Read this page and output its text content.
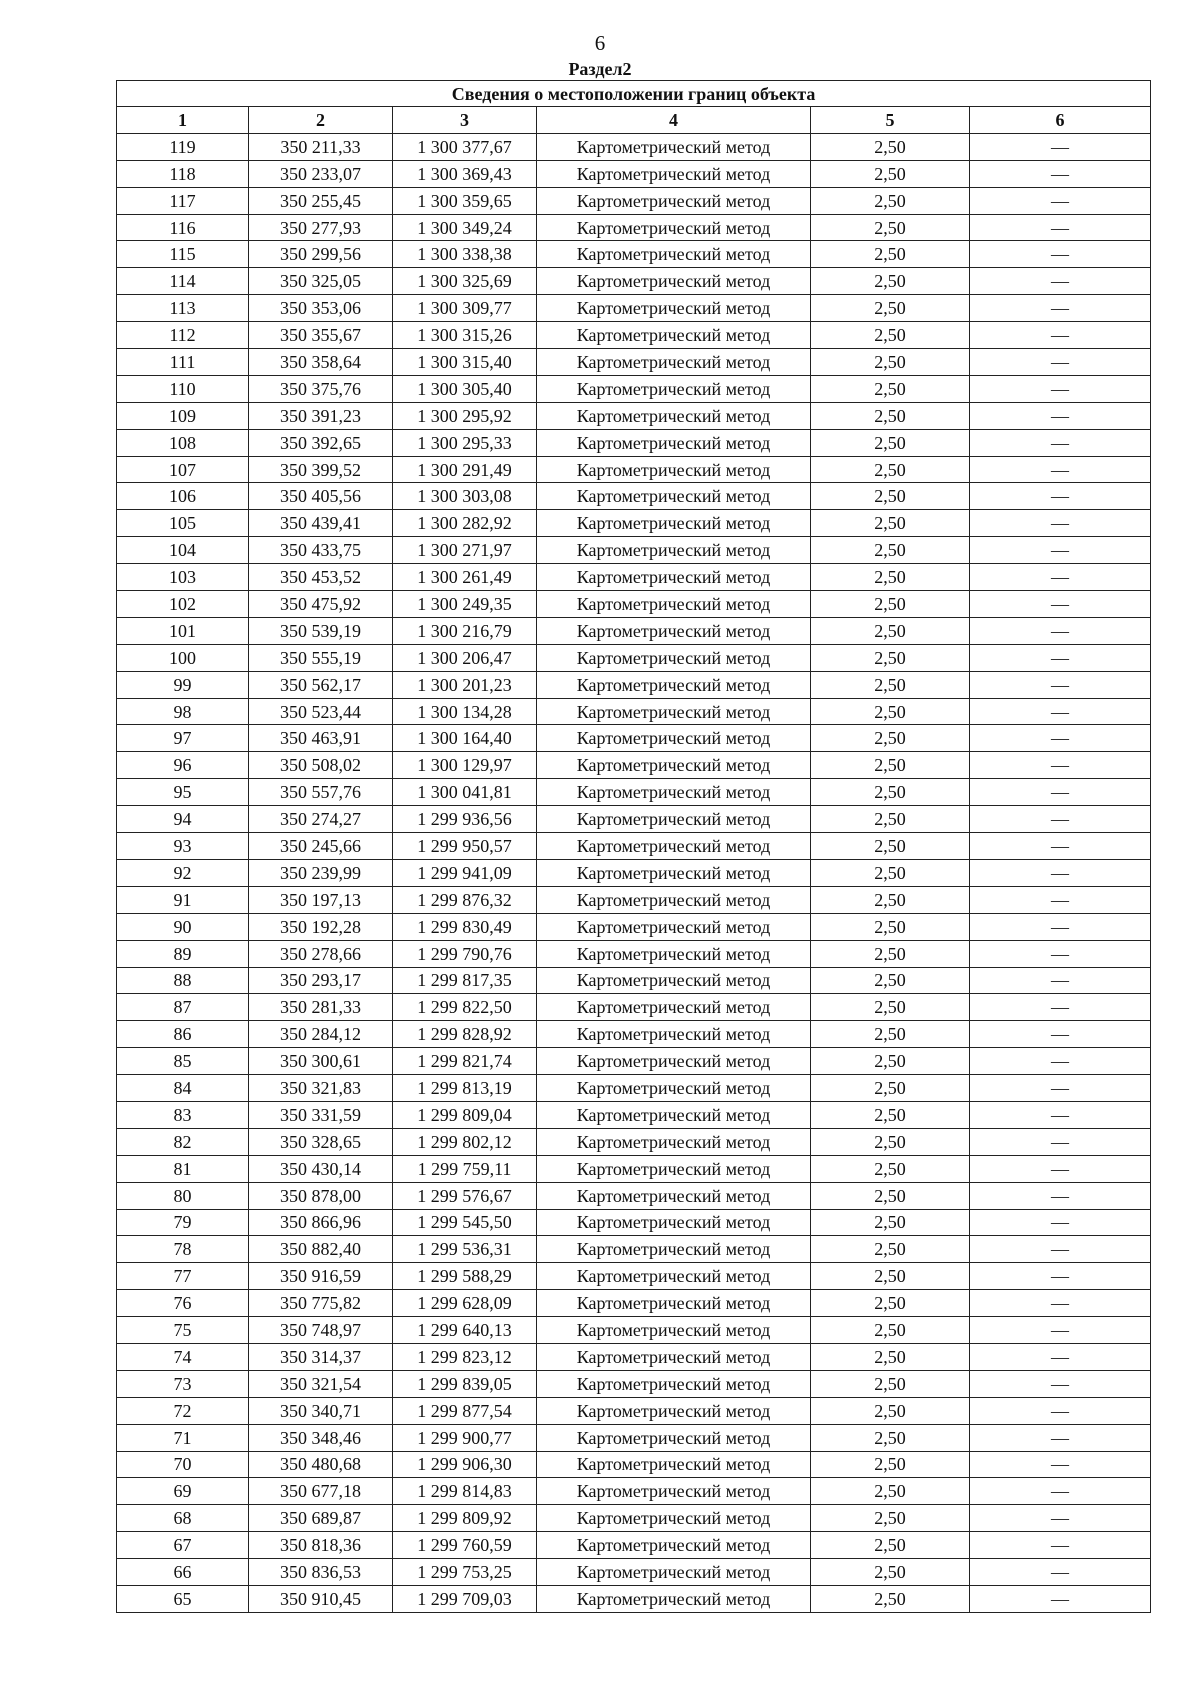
6
Раздел2
Сведения о местоположении границ объекта					
1	2	3	4	5	6
119	350 211,33	1 300 377,67	Картометрический метод	2,50	—
118	350 233,07	1 300 369,43	Картометрический метод	2,50	—
117	350 255,45	1 300 359,65	Картометрический метод	2,50	—
116	350 277,93	1 300 349,24	Картометрический метод	2,50	—
115	350 299,56	1 300 338,38	Картометрический метод	2,50	—
114	350 325,05	1 300 325,69	Картометрический метод	2,50	—
113	350 353,06	1 300 309,77	Картометрический метод	2,50	—
112	350 355,67	1 300 315,26	Картометрический метод	2,50	—
111	350 358,64	1 300 315,40	Картометрический метод	2,50	—
110	350 375,76	1 300 305,40	Картометрический метод	2,50	—
109	350 391,23	1 300 295,92	Картометрический метод	2,50	—
108	350 392,65	1 300 295,33	Картометрический метод	2,50	—
107	350 399,52	1 300 291,49	Картометрический метод	2,50	—
106	350 405,56	1 300 303,08	Картометрический метод	2,50	—
105	350 439,41	1 300 282,92	Картометрический метод	2,50	—
104	350 433,75	1 300 271,97	Картометрический метод	2,50	—
103	350 453,52	1 300 261,49	Картометрический метод	2,50	—
102	350 475,92	1 300 249,35	Картометрический метод	2,50	—
101	350 539,19	1 300 216,79	Картометрический метод	2,50	—
100	350 555,19	1 300 206,47	Картометрический метод	2,50	—
99	350 562,17	1 300 201,23	Картометрический метод	2,50	—
98	350 523,44	1 300 134,28	Картометрический метод	2,50	—
97	350 463,91	1 300 164,40	Картометрический метод	2,50	—
96	350 508,02	1 300 129,97	Картометрический метод	2,50	—
95	350 557,76	1 300 041,81	Картометрический метод	2,50	—
94	350 274,27	1 299 936,56	Картометрический метод	2,50	—
93	350 245,66	1 299 950,57	Картометрический метод	2,50	—
92	350 239,99	1 299 941,09	Картометрический метод	2,50	—
91	350 197,13	1 299 876,32	Картометрический метод	2,50	—
90	350 192,28	1 299 830,49	Картометрический метод	2,50	—
89	350 278,66	1 299 790,76	Картометрический метод	2,50	—
88	350 293,17	1 299 817,35	Картометрический метод	2,50	—
87	350 281,33	1 299 822,50	Картометрический метод	2,50	—
86	350 284,12	1 299 828,92	Картометрический метод	2,50	—
85	350 300,61	1 299 821,74	Картометрический метод	2,50	—
84	350 321,83	1 299 813,19	Картометрический метод	2,50	—
83	350 331,59	1 299 809,04	Картометрический метод	2,50	—
82	350 328,65	1 299 802,12	Картометрический метод	2,50	—
81	350 430,14	1 299 759,11	Картометрический метод	2,50	—
80	350 878,00	1 299 576,67	Картометрический метод	2,50	—
79	350 866,96	1 299 545,50	Картометрический метод	2,50	—
78	350 882,40	1 299 536,31	Картометрический метод	2,50	—
77	350 916,59	1 299 588,29	Картометрический метод	2,50	—
76	350 775,82	1 299 628,09	Картометрический метод	2,50	—
75	350 748,97	1 299 640,13	Картометрический метод	2,50	—
74	350 314,37	1 299 823,12	Картометрический метод	2,50	—
73	350 321,54	1 299 839,05	Картометрический метод	2,50	—
72	350 340,71	1 299 877,54	Картометрический метод	2,50	—
71	350 348,46	1 299 900,77	Картометрический метод	2,50	—
70	350 480,68	1 299 906,30	Картометрический метод	2,50	—
69	350 677,18	1 299 814,83	Картометрический метод	2,50	—
68	350 689,87	1 299 809,92	Картометрический метод	2,50	—
67	350 818,36	1 299 760,59	Картометрический метод	2,50	—
66	350 836,53	1 299 753,25	Картометрический метод	2,50	—
65	350 910,45	1 299 709,03	Картометрический метод	2,50	—
